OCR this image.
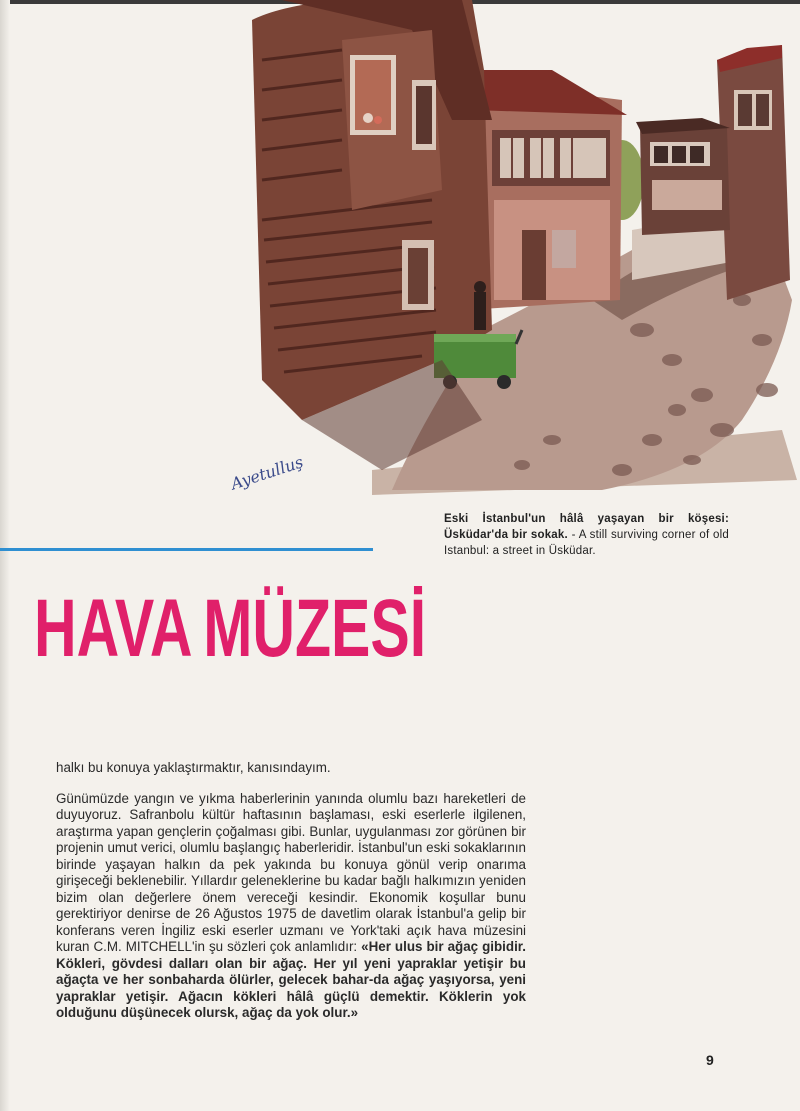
Ayetulluş
Eski İstanbul'un hâlâ yaşayan bir köşesi: Üsküdar'da bir sokak. - A still surviving corner of old Istanbul: a street in Üsküdar.
HAVA MÜZESİ

halkı bu konuya yaklaştırmaktır, kanısındayım.

Günümüzde yangın ve yıkma haberlerinin yanında olumlu bazı hareketleri de duyuyoruz. Safranbolu kültür haftasının başlaması, eski eserlerle ilgilenen, araştırma yapan gençlerin çoğalması gibi. Bunlar, uygulanması zor görünen bir projenin umut verici, olumlu başlangıç haberleridir. İstanbul'un eski sokaklarının birinde yaşayan halkın da pek yakında bu konuya gönül verip onarıma girişeceği beklenebilir. Yıllardır geleneklerine bu kadar bağlı halkımızın yeniden bizim olan değerlere önem vereceği kesindir. Ekonomik koşullar bunu gerektiriyor denirse de 26 Ağustos 1975 de davetlim olarak İstanbul'a gelip bir konferans veren İngiliz eski eserler uzmanı ve York'taki açık hava müzesini kuran C.M. MITCHELL'in şu sözleri çok anlamlıdır: «Her ulus bir ağaç gibidir. Kökleri, gövdesi dalları olan bir ağaç. Her yıl yeni yapraklar yetişir bu ağaçta ve her sonbaharda ölürler, gelecek bahar-da ağaç yaşıyorsa, yeni yapraklar yetişir. Ağacın kökleri hâlâ güçlü demektir. Köklerin yok olduğunu düşünecek olursk, ağaç da yok olur.»

9
